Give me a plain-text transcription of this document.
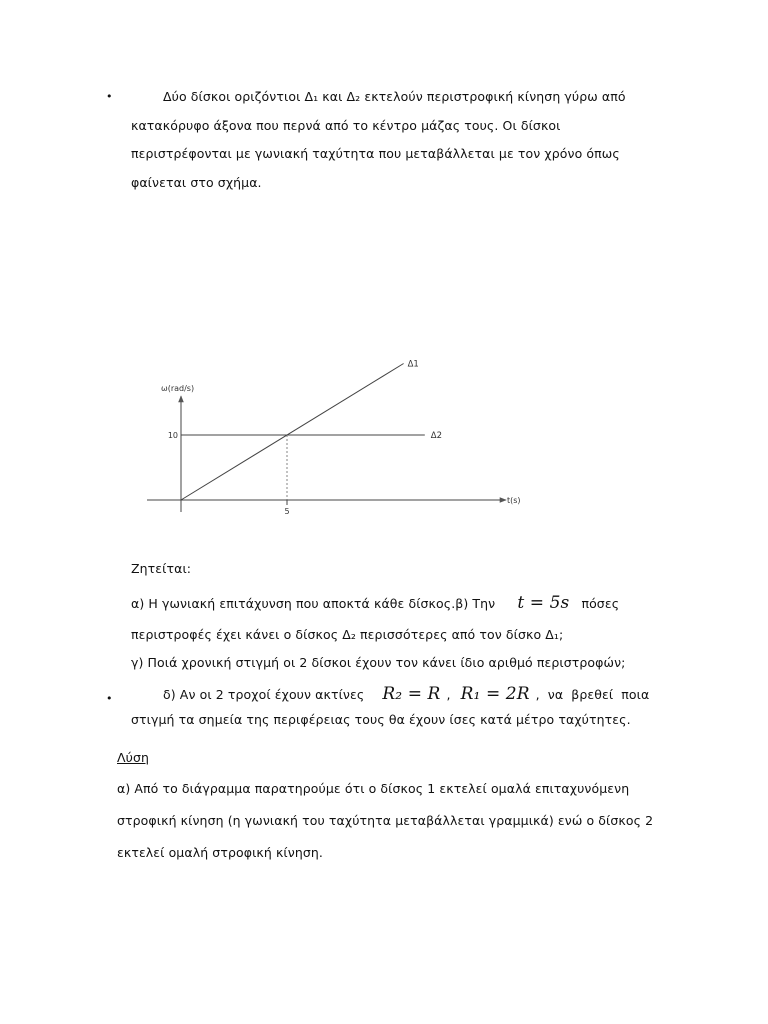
•	Δύο δίσκοι οριζόντιοι Δ₁ και Δ₂ εκτελούν περιστροφική κίνηση γύρω από
κατακόρυφο άξονα που περνά από το κέντρο μάζας τους. Οι δίσκοι
περιστρέφονται με γωνιακή ταχύτητα που μεταβάλλεται με τον χρόνο όπως
φαίνεται στο σχήμα.
ω(rad/s)
t(s)
5
10
Δ1
Δ2
Ζητείται:
α) Η γωνιακή επιτάχυνση που αποκτά κάθε δίσκος.β) Την t = 5s πόσες
περιστροφές έχει κάνει ο δίσκος Δ₂ περισσότερες από τον δίσκο Δ₁;
γ) Ποιά χρονική στιγμή οι 2 δίσκοι έχουν τον κάνει ίδιο αριθμό περιστροφών;
•	δ) Αν οι 2 τροχοί έχουν ακτίνες R₂ = R , R₁ = 2R , να βρεθεί ποια
στιγμή τα σημεία της περιφέρειας τους θα έχουν ίσες κατά μέτρο ταχύτητες.
Λύση
α) Από το διάγραμμα παρατηρούμε ότι ο δίσκος 1 εκτελεί ομαλά επιταχυνόμενη
στροφική κίνηση (η γωνιακή του ταχύτητα μεταβάλλεται γραμμικά) ενώ ο δίσκος 2
εκτελεί ομαλή στροφική κίνηση.
